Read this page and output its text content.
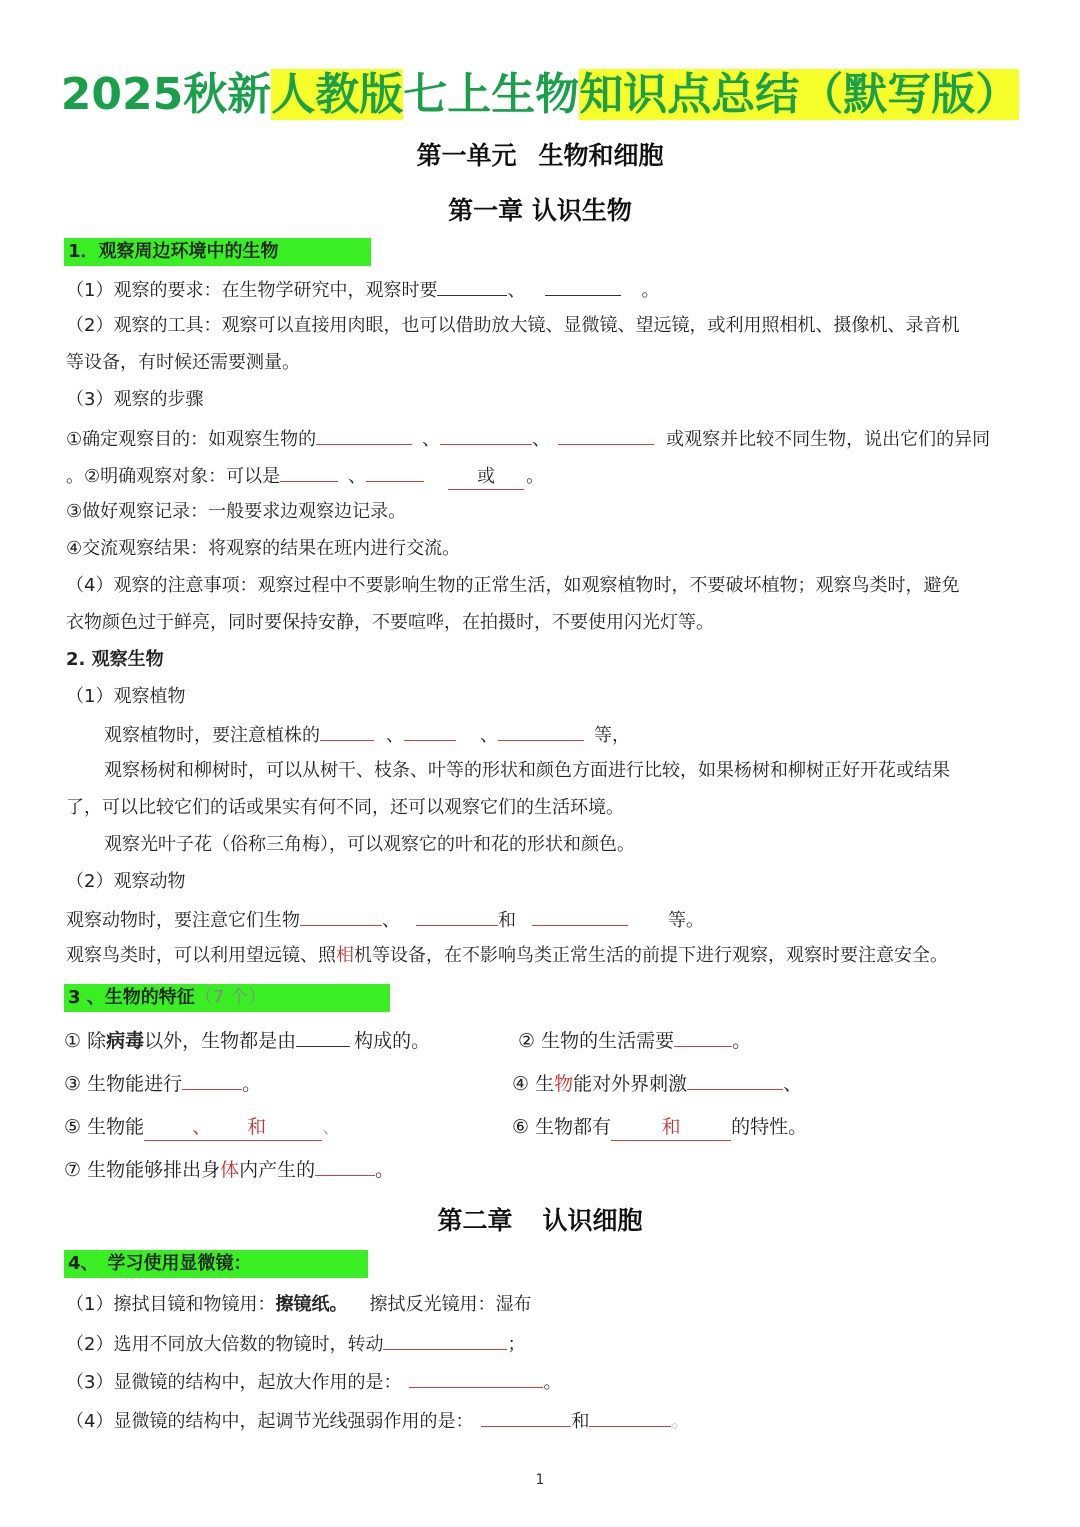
2025秋新人教版七上生物知识点总结（默写版）
第一单元 生物和细胞
第一章 认识生物
1．观察周边环境中的生物
（1）观察的要求：在生物学研究中，观察时要	、	。
（2）观察的工具：观察可以直接用肉眼，也可以借助放大镜、显微镜、望远镜，或利用照相机、摄像机、录音机
等设备，有时候还需要测量。
（3）观察的步骤
①确定观察目的：如观察生物的	、	、	或观察并比较不同生物，说出它们的异同
。②明确观察对象：可以是	、	或 。
③做好观察记录：一般要求边观察边记录。
④交流观察结果：将观察的结果在班内进行交流。
（4）观察的注意事项：观察过程中不要影响生物的正常生活，如观察植物时，不要破坏植物；观察鸟类时，避免
衣物颜色过于鲜亮，同时要保持安静，不要喧哗，在拍摄时，不要使用闪光灯等。
2. 观察生物
（1）观察植物
观察植物时，要注意植株的	、	、	等，
观察杨树和柳树时，可以从树干、枝条、叶等的形状和颜色方面进行比较，如果杨树和柳树正好开花或结果
了，可以比较它们的话或果实有何不同，还可以观察它们的生活环境。
观察光叶子花（俗称三角梅），可以观察它的叶和花的形状和颜色。
（2）观察动物
观察动物时，要注意它们生物	、	和	等。
观察鸟类时，可以利用望远镜、照相机等设备，在不影响鸟类正常生活的前提下进行观察，观察时要注意安全。
3 、生物的特征（7 个）
① 除病毒以外，生物都是由	构成的。	② 生物的生活需要	。
③ 生物能进行	。	④ 生物能对外界刺激	、
⑤ 生物能	、 和	、	⑥ 生物都有	和	的特性。
⑦ 生物能够排出身体内产生的	。
第二章 认识细胞
4、　学习使用显微镜：
（1）擦拭目镜和物镜用：擦镜纸。 擦拭反光镜用：湿布
（2）选用不同放大倍数的物镜时，转动	；
（3）显微镜的结构中，起放大作用的是：	。
（4）显微镜的结构中，起调节光线强弱作用的是：	和	。
1
